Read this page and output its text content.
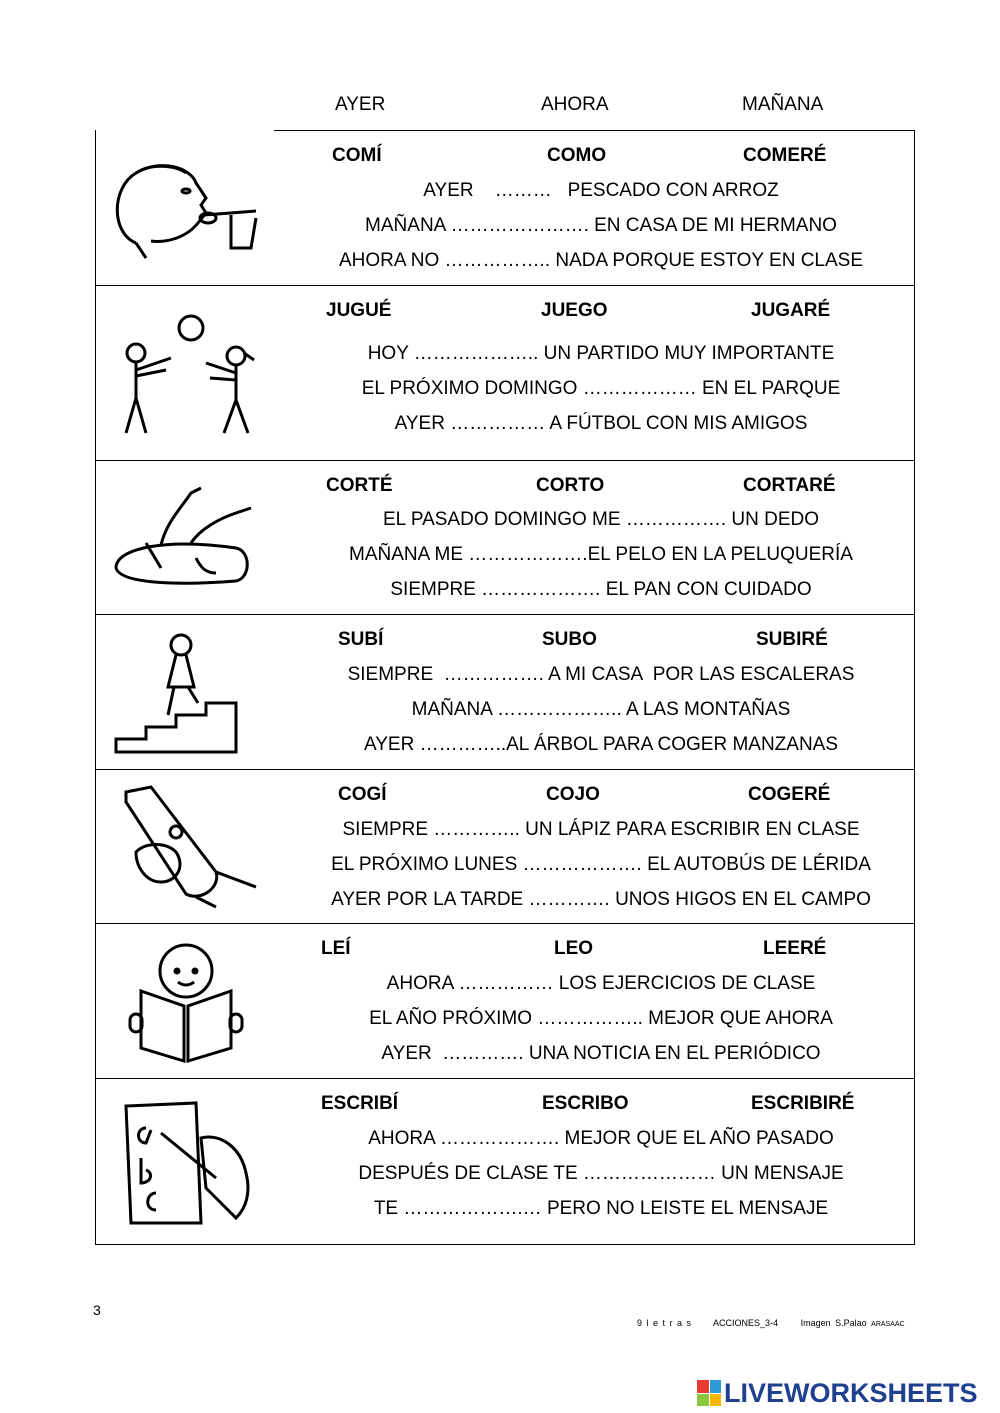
AYER	AHORA	MAÑANA
COMÍ	COMO	COMERÉ
AYER    ………   PESCADO CON ARROZ
MAÑANA …………………. EN CASA DE MI HERMANO
AHORA NO …………….. NADA PORQUE ESTOY EN CLASE
JUGUÉ	JUEGO	JUGARÉ
HOY ……………….. UN PARTIDO MUY IMPORTANTE
EL PRÓXIMO DOMINGO ……………… EN EL PARQUE
AYER …………… A FÚTBOL CON MIS AMIGOS
CORTÉ	CORTO	CORTARÉ
EL PASADO DOMINGO ME ……………. UN DEDO
MAÑANA ME ……………….EL PELO EN LA PELUQUERÍA
SIEMPRE ………………. EL PAN CON CUIDADO
SUBÍ	SUBO	SUBIRÉ
SIEMPRE  ……………. A MI CASA  POR LAS ESCALERAS
MAÑANA ……………….. A LAS MONTAÑAS
AYER …………..AL ÁRBOL PARA COGER MANZANAS
COGÍ	COJO	COGERÉ
SIEMPRE ………….. UN LÁPIZ PARA ESCRIBIR EN CLASE
EL PRÓXIMO LUNES ………………. EL AUTOBÚS DE LÉRIDA
AYER POR LA TARDE …………. UNOS HIGOS EN EL CAMPO
LEÍ	LEO	LEERÉ
AHORA …………… LOS EJERCICIOS DE CLASE
EL AÑO PRÓXIMO …………….. MEJOR QUE AHORA
AYER  …………. UNA NOTICIA EN EL PERIÓDICO
ESCRIBÍ	ESCRIBO	ESCRIBIRÉ
AHORA ………………. MEJOR QUE EL AÑO PASADO
DESPUÉS DE CLASE TE ………………… UN MENSAJE
TE ……………….… PERO NO LEISTE EL MENSAJE
3
9 l e t r a s ACCIONES_3-4	Imagen S.Palao ARASAAC
LIVEWORKSHEETS
